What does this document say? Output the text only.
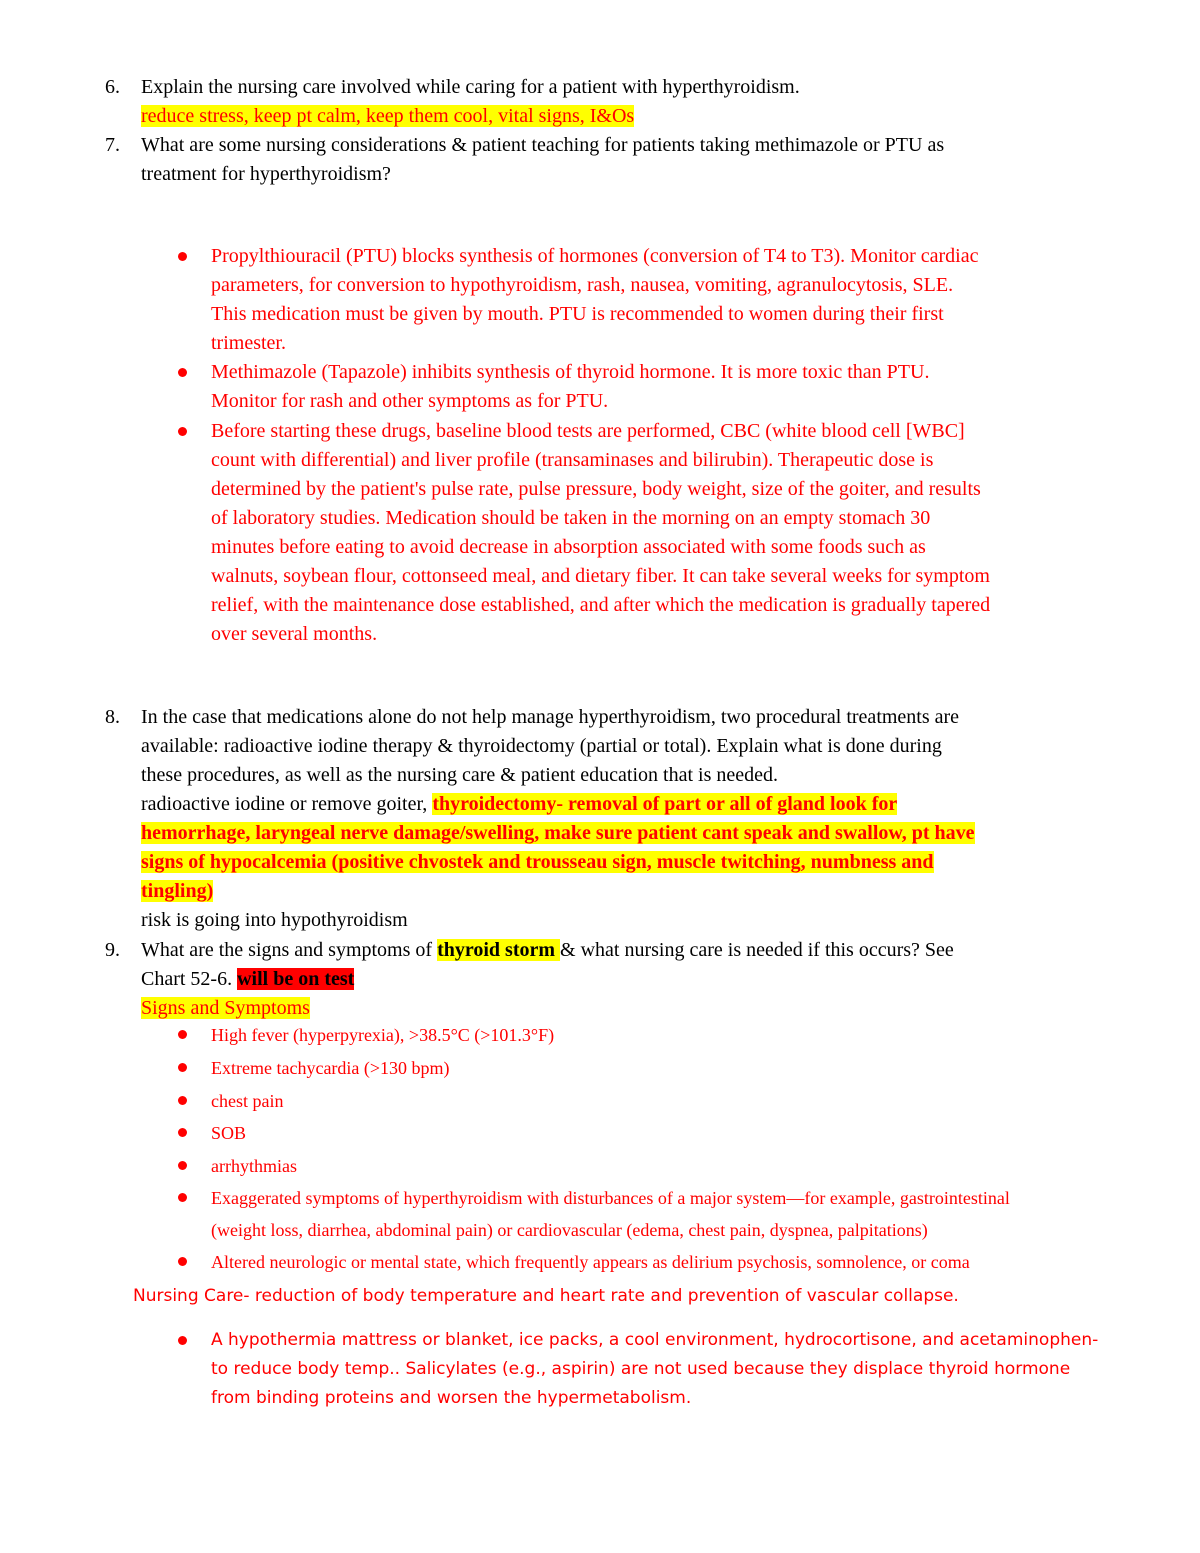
6. Explain the nursing care involved while caring for a patient with hyperthyroidism.
reduce stress, keep pt calm, keep them cool, vital signs, I&Os
7. What are some nursing considerations & patient teaching for patients taking methimazole or PTU as
treatment for hyperthyroidism?
Propylthiouracil (PTU) blocks synthesis of hormones (conversion of T4 to T3). Monitor cardiac
parameters, for conversion to hypothyroidism, rash, nausea, vomiting, agranulocytosis, SLE.
This medication must be given by mouth. PTU is recommended to women during their first
trimester.
Methimazole (Tapazole) inhibits synthesis of thyroid hormone. It is more toxic than PTU.
Monitor for rash and other symptoms as for PTU.
Before starting these drugs, baseline blood tests are performed, CBC (white blood cell [WBC]
count with differential) and liver profile (transaminases and bilirubin). Therapeutic dose is
determined by the patient's pulse rate, pulse pressure, body weight, size of the goiter, and results
of laboratory studies. Medication should be taken in the morning on an empty stomach 30
minutes before eating to avoid decrease in absorption associated with some foods such as
walnuts, soybean flour, cottonseed meal, and dietary fiber. It can take several weeks for symptom
relief, with the maintenance dose established, and after which the medication is gradually tapered
over several months.
8. In the case that medications alone do not help manage hyperthyroidism, two procedural treatments are
available: radioactive iodine therapy & thyroidectomy (partial or total). Explain what is done during
these procedures, as well as the nursing care & patient education that is needed.
radioactive iodine or remove goiter, thyroidectomy- removal of part or all of gland look for
hemorrhage, laryngeal nerve damage/swelling, make sure patient cant speak and swallow, pt have
signs of hypocalcemia (positive chvostek and trousseau sign, muscle twitching, numbness and
tingling)
risk is going into hypothyroidism
9. What are the signs and symptoms of thyroid storm & what nursing care is needed if this occurs? See
Chart 52-6. will be on test
Signs and Symptoms
High fever (hyperpyrexia), >38.5°C (>101.3°F)
Extreme tachycardia (>130 bpm)
chest pain
SOB
arrhythmias
Exaggerated symptoms of hyperthyroidism with disturbances of a major system—for example, gastrointestinal
(weight loss, diarrhea, abdominal pain) or cardiovascular (edema, chest pain, dyspnea, palpitations)
Altered neurologic or mental state, which frequently appears as delirium psychosis, somnolence, or coma
Nursing Care- reduction of body temperature and heart rate and prevention of vascular collapse.
A hypothermia mattress or blanket, ice packs, a cool environment, hydrocortisone, and acetaminophen-
to reduce body temp.. Salicylates (e.g., aspirin) are not used because they displace thyroid hormone
from binding proteins and worsen the hypermetabolism.
